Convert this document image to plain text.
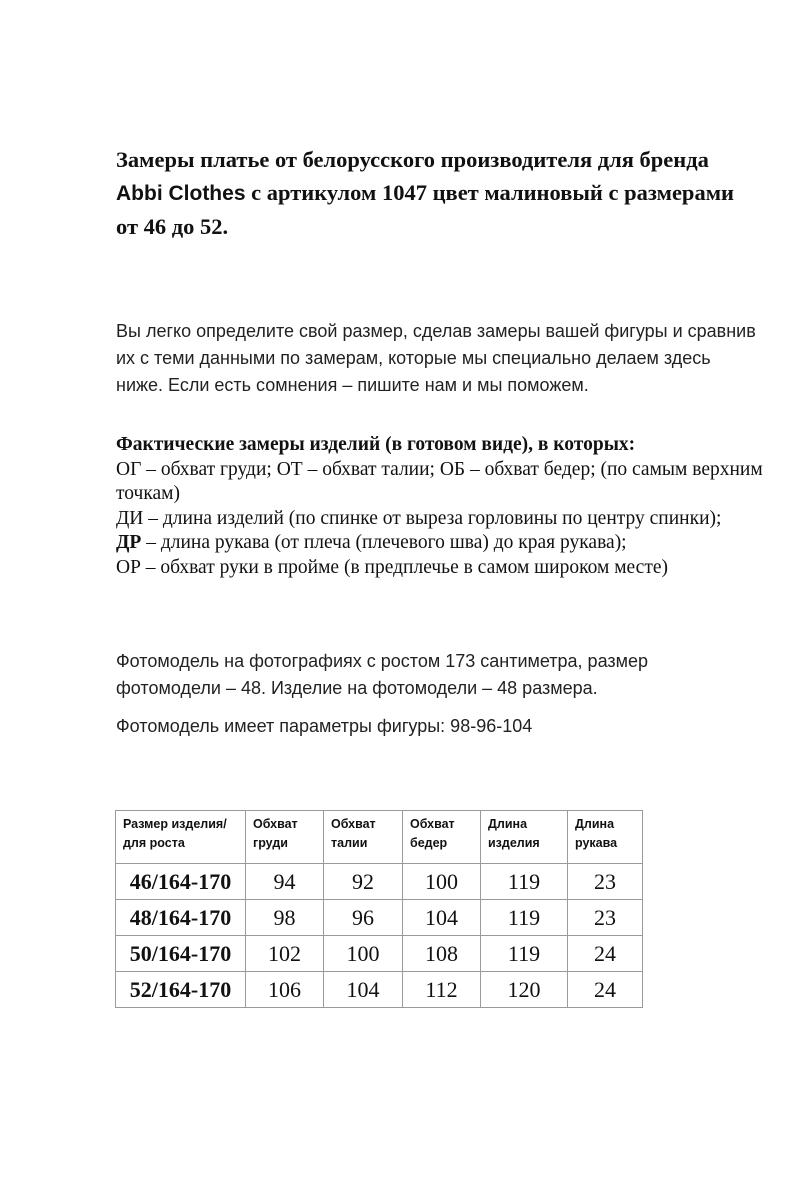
Замеры платье от белорусского производителя для бренда Abbi Clothes с артикулом 1047 цвет малиновый с размерами от 46 до 52.

Вы легко определите свой размер, сделав замеры вашей фигуры и сравнив их с теми данными по замерам, которые мы специально делаем здесь ниже. Если есть сомнения – пишите нам и мы поможем.

Фактические замеры изделий (в готовом виде), в которых:

ОГ – обхват груди; ОТ – обхват талии; ОБ – обхват бедер; (по самым верхним точкам)

ДИ – длина изделий (по спинке от выреза горловины по центру спинки);

ДР – длина рукава (от плеча (плечевого шва) до края рукава);

ОР – обхват руки в пройме (в предплечье в самом широком месте)

Фотомодель на фотографиях с ростом 173 сантиметра, размер фотомодели – 48. Изделие на фотомодели – 48 размера.

Фотомодель имеет параметры фигуры: 98-96-104

Размер изделия/для роста	Обхват груди	Обхват талии	Обхват бедер	Длина изделия	Длина рукава
46/164-170	94	92	100	119	23
48/164-170	98	96	104	119	23
50/164-170	102	100	108	119	24
52/164-170	106	104	112	120	24
